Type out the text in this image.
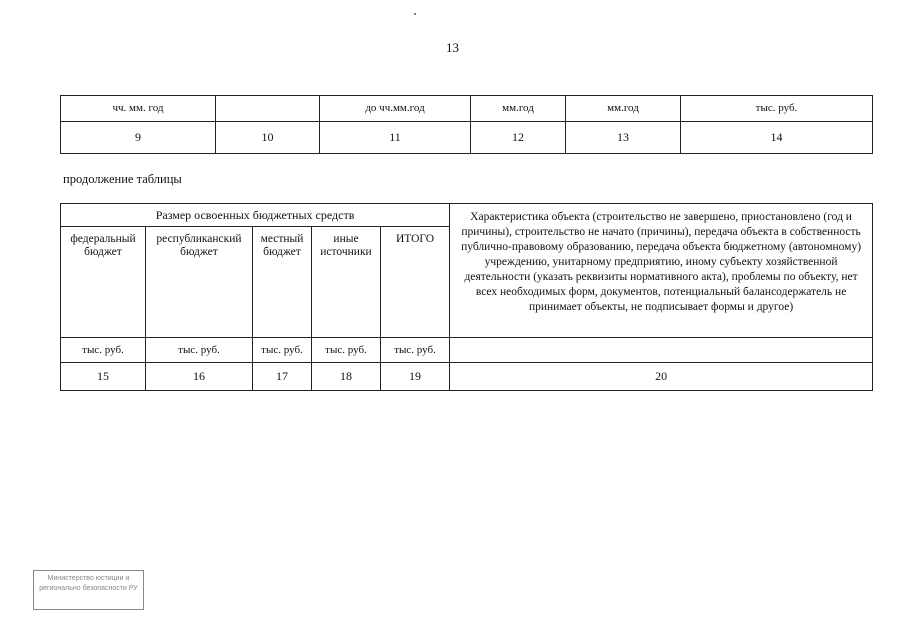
13
чч. мм. год		до чч.мм.год	мм.год	мм.год	тыс. руб.
9	10	11	12	13	14
продолжение таблицы
Размер освоенных бюджетных средств					Характеристика объекта (строительство не завершено, приостановлено (год и причины), строительство не начато (причины), передача объекта в собственность публично-правовому образованию, передача объекта бюджетному (автономному) учреждению, унитарному предприятию, иному субъекту хозяйственной деятельности (указать реквизиты нормативного акта), проблемы по объекту, нет всех необходимых форм, документов, потенциальный балансодержатель не принимает объекты, не подписывает формы и другое)
федеральный бюджет	республиканский бюджет	местный бюджет	иные источники	ИТОГО	
тыс. руб.	тыс. руб.	тыс. руб.	тыс. руб.	тыс. руб.	
15	16	17	18	19	20
Министерство юстиции и регионально безопасности РУ
